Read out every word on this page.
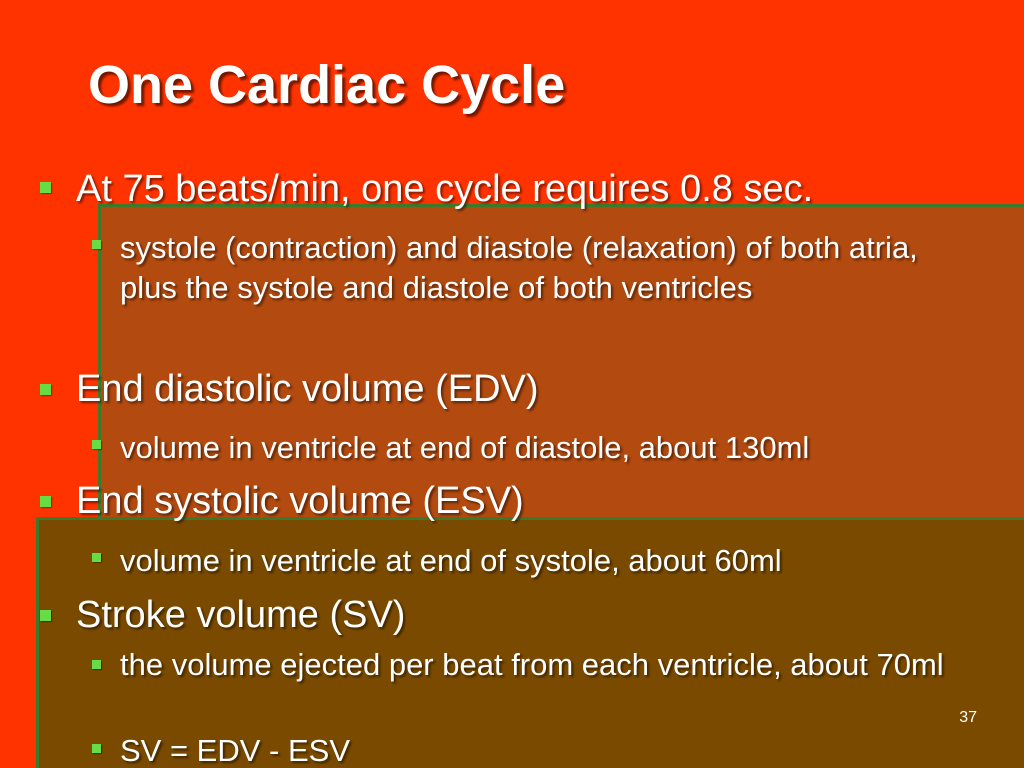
One Cardiac Cycle
At 75 beats/min, one cycle requires 0.8 sec.
systole (contraction) and diastole (relaxation) of both atria, plus the systole and diastole of both ventricles
End diastolic volume (EDV)
volume in ventricle at end of diastole, about 130ml
End systolic volume (ESV)
volume in ventricle at end of systole, about 60ml
Stroke volume (SV)
the volume ejected per beat from each ventricle, about 70ml
SV = EDV - ESV
37
